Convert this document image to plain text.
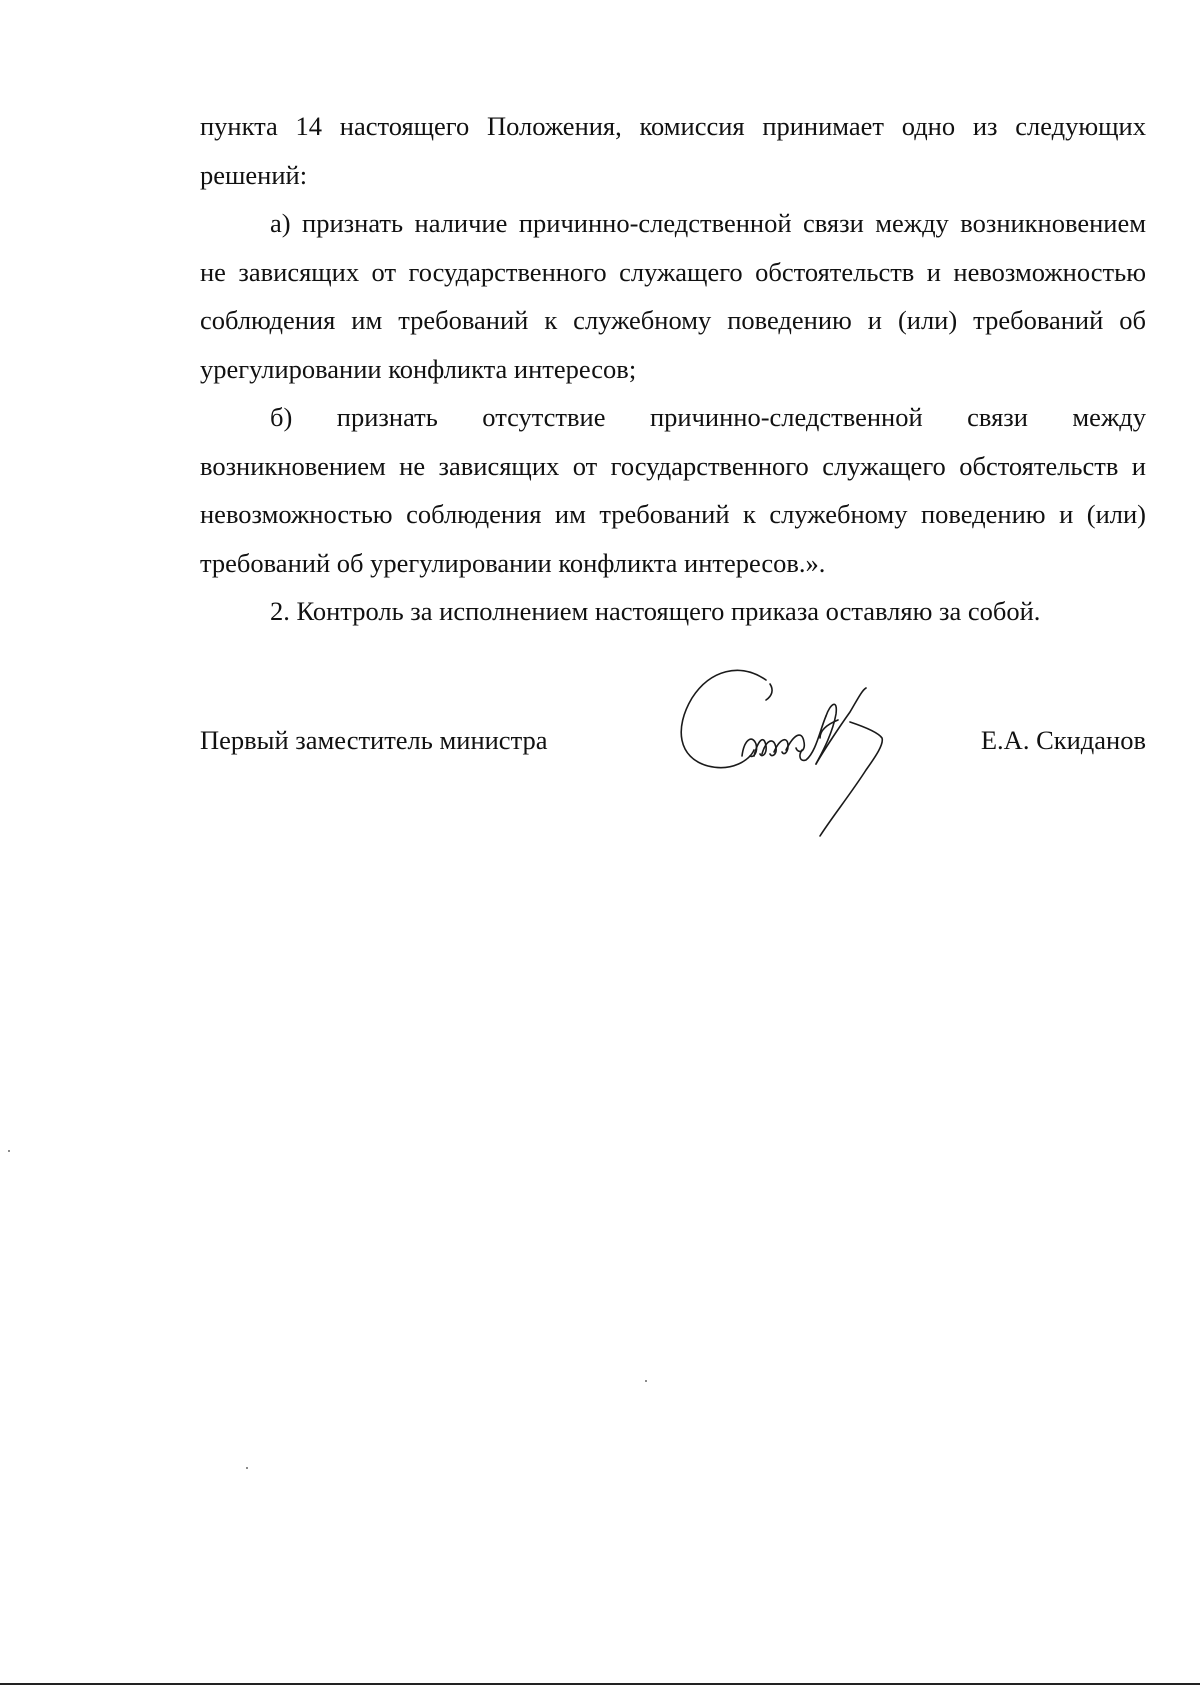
пункта 14 настоящего Положения, комиссия принимает одно из следующих решений:

а) признать наличие причинно-следственной связи между возникновением не зависящих от государственного служащего обстоятельств и невозможностью соблюдения им требований к служебному поведению и (или) требований об урегулировании конфликта интересов;

б) признать отсутствие причинно-следственной связи между возникновением не зависящих от государственного служащего обстоятельств и невозможностью соблюдения им требований к служебному поведению и (или) требований об урегулировании конфликта интересов.».

2. Контроль за исполнением настоящего приказа оставляю за собой.

Первый заместитель министра	Е.А. Скиданов
